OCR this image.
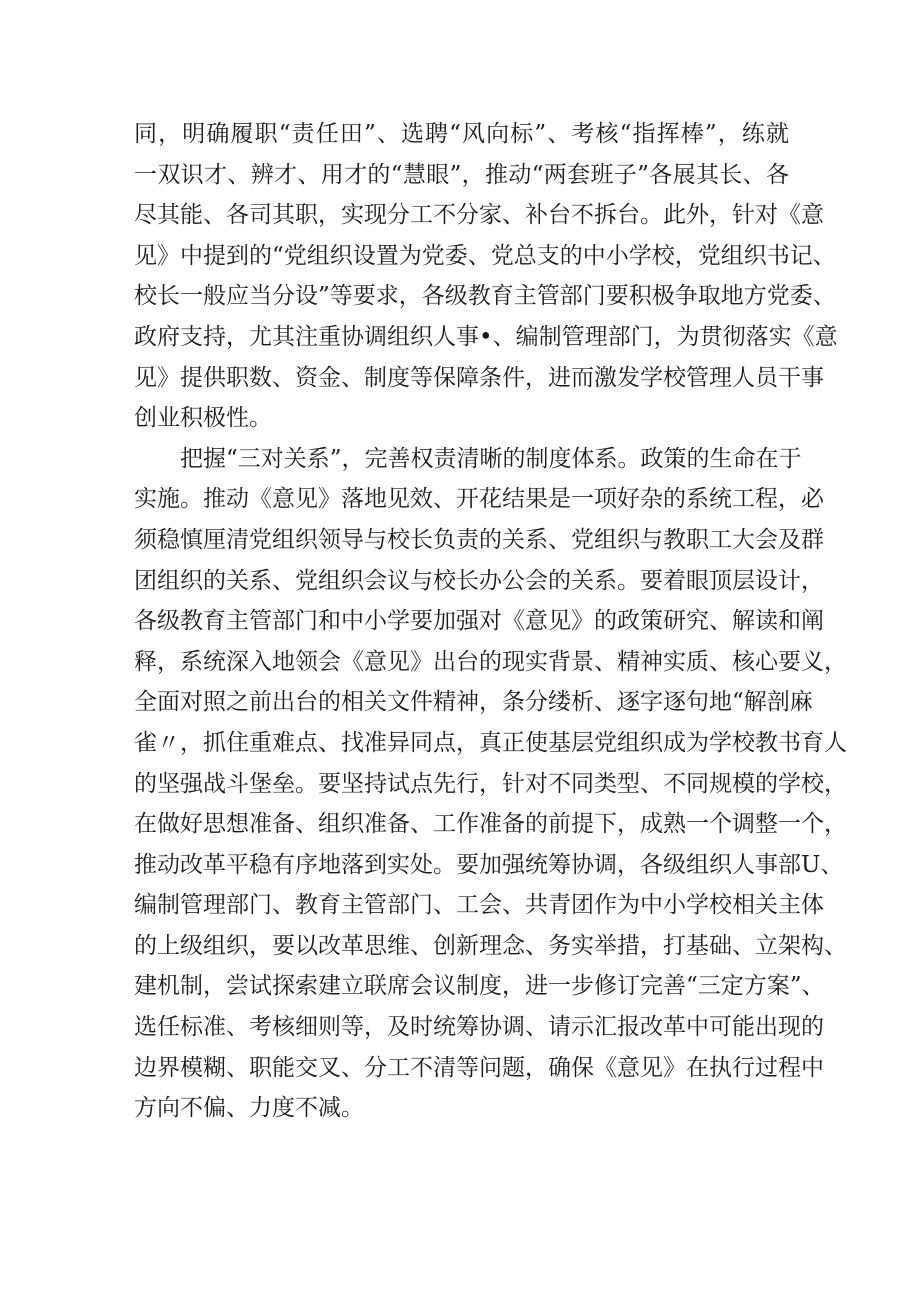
同，明确履职“责任田”、选聘“风向标”、考核“指挥棒”，练就
一双识才、辨才、用才的“慧眼”，推动“两套班子”各展其长、各
尽其能、各司其职，实现分工不分家、补台不拆台。此外，针对《意
见》中提到的“党组织设置为党委、党总支的中小学校，党组织书记、
校长一般应当分设”等要求，各级教育主管部门要积极争取地方党委、
政府支持，尤其注重协调组织人事•、编制管理部门，为贯彻落实《意
见》提供职数、资金、制度等保障条件，进而激发学校管理人员干事
创业积极性。
把握“三对关系”，完善权责清晰的制度体系。政策的生命在于
实施。推动《意见》落地见效、开花结果是一项好杂的系统工程，必
须稳慎厘清党组织领导与校长负责的关系、党组织与教职工大会及群
团组织的关系、党组织会议与校长办公会的关系。要着眼顶层设计，
各级教育主管部门和中小学要加强对《意见》的政策研究、解读和阐
释，系统深入地领会《意见》出台的现实背景、精神实质、核心要义，
全面对照之前出台的相关文件精神，条分缕析、逐字逐句地“解剖麻
雀〃，抓住重难点、找准异同点，真正使基层党组织成为学校教书育人
的坚强战斗堡垒。要坚持试点先行，针对不同类型、不同规模的学校，
在做好思想准备、组织准备、工作准备的前提下，成熟一个调整一个，
推动改革平稳有序地落到实处。要加强统筹协调，各级组织人事部U、
编制管理部门、教育主管部门、工会、共青团作为中小学校相关主体
的上级组织，要以改革思维、创新理念、务实举措，打基础、立架构、
建机制，尝试探索建立联席会议制度，进一步修订完善“三定方案”、
选任标准、考核细则等，及时统筹协调、请示汇报改革中可能出现的
边界模糊、职能交叉、分工不清等问题，确保《意见》在执行过程中
方向不偏、力度不减。
